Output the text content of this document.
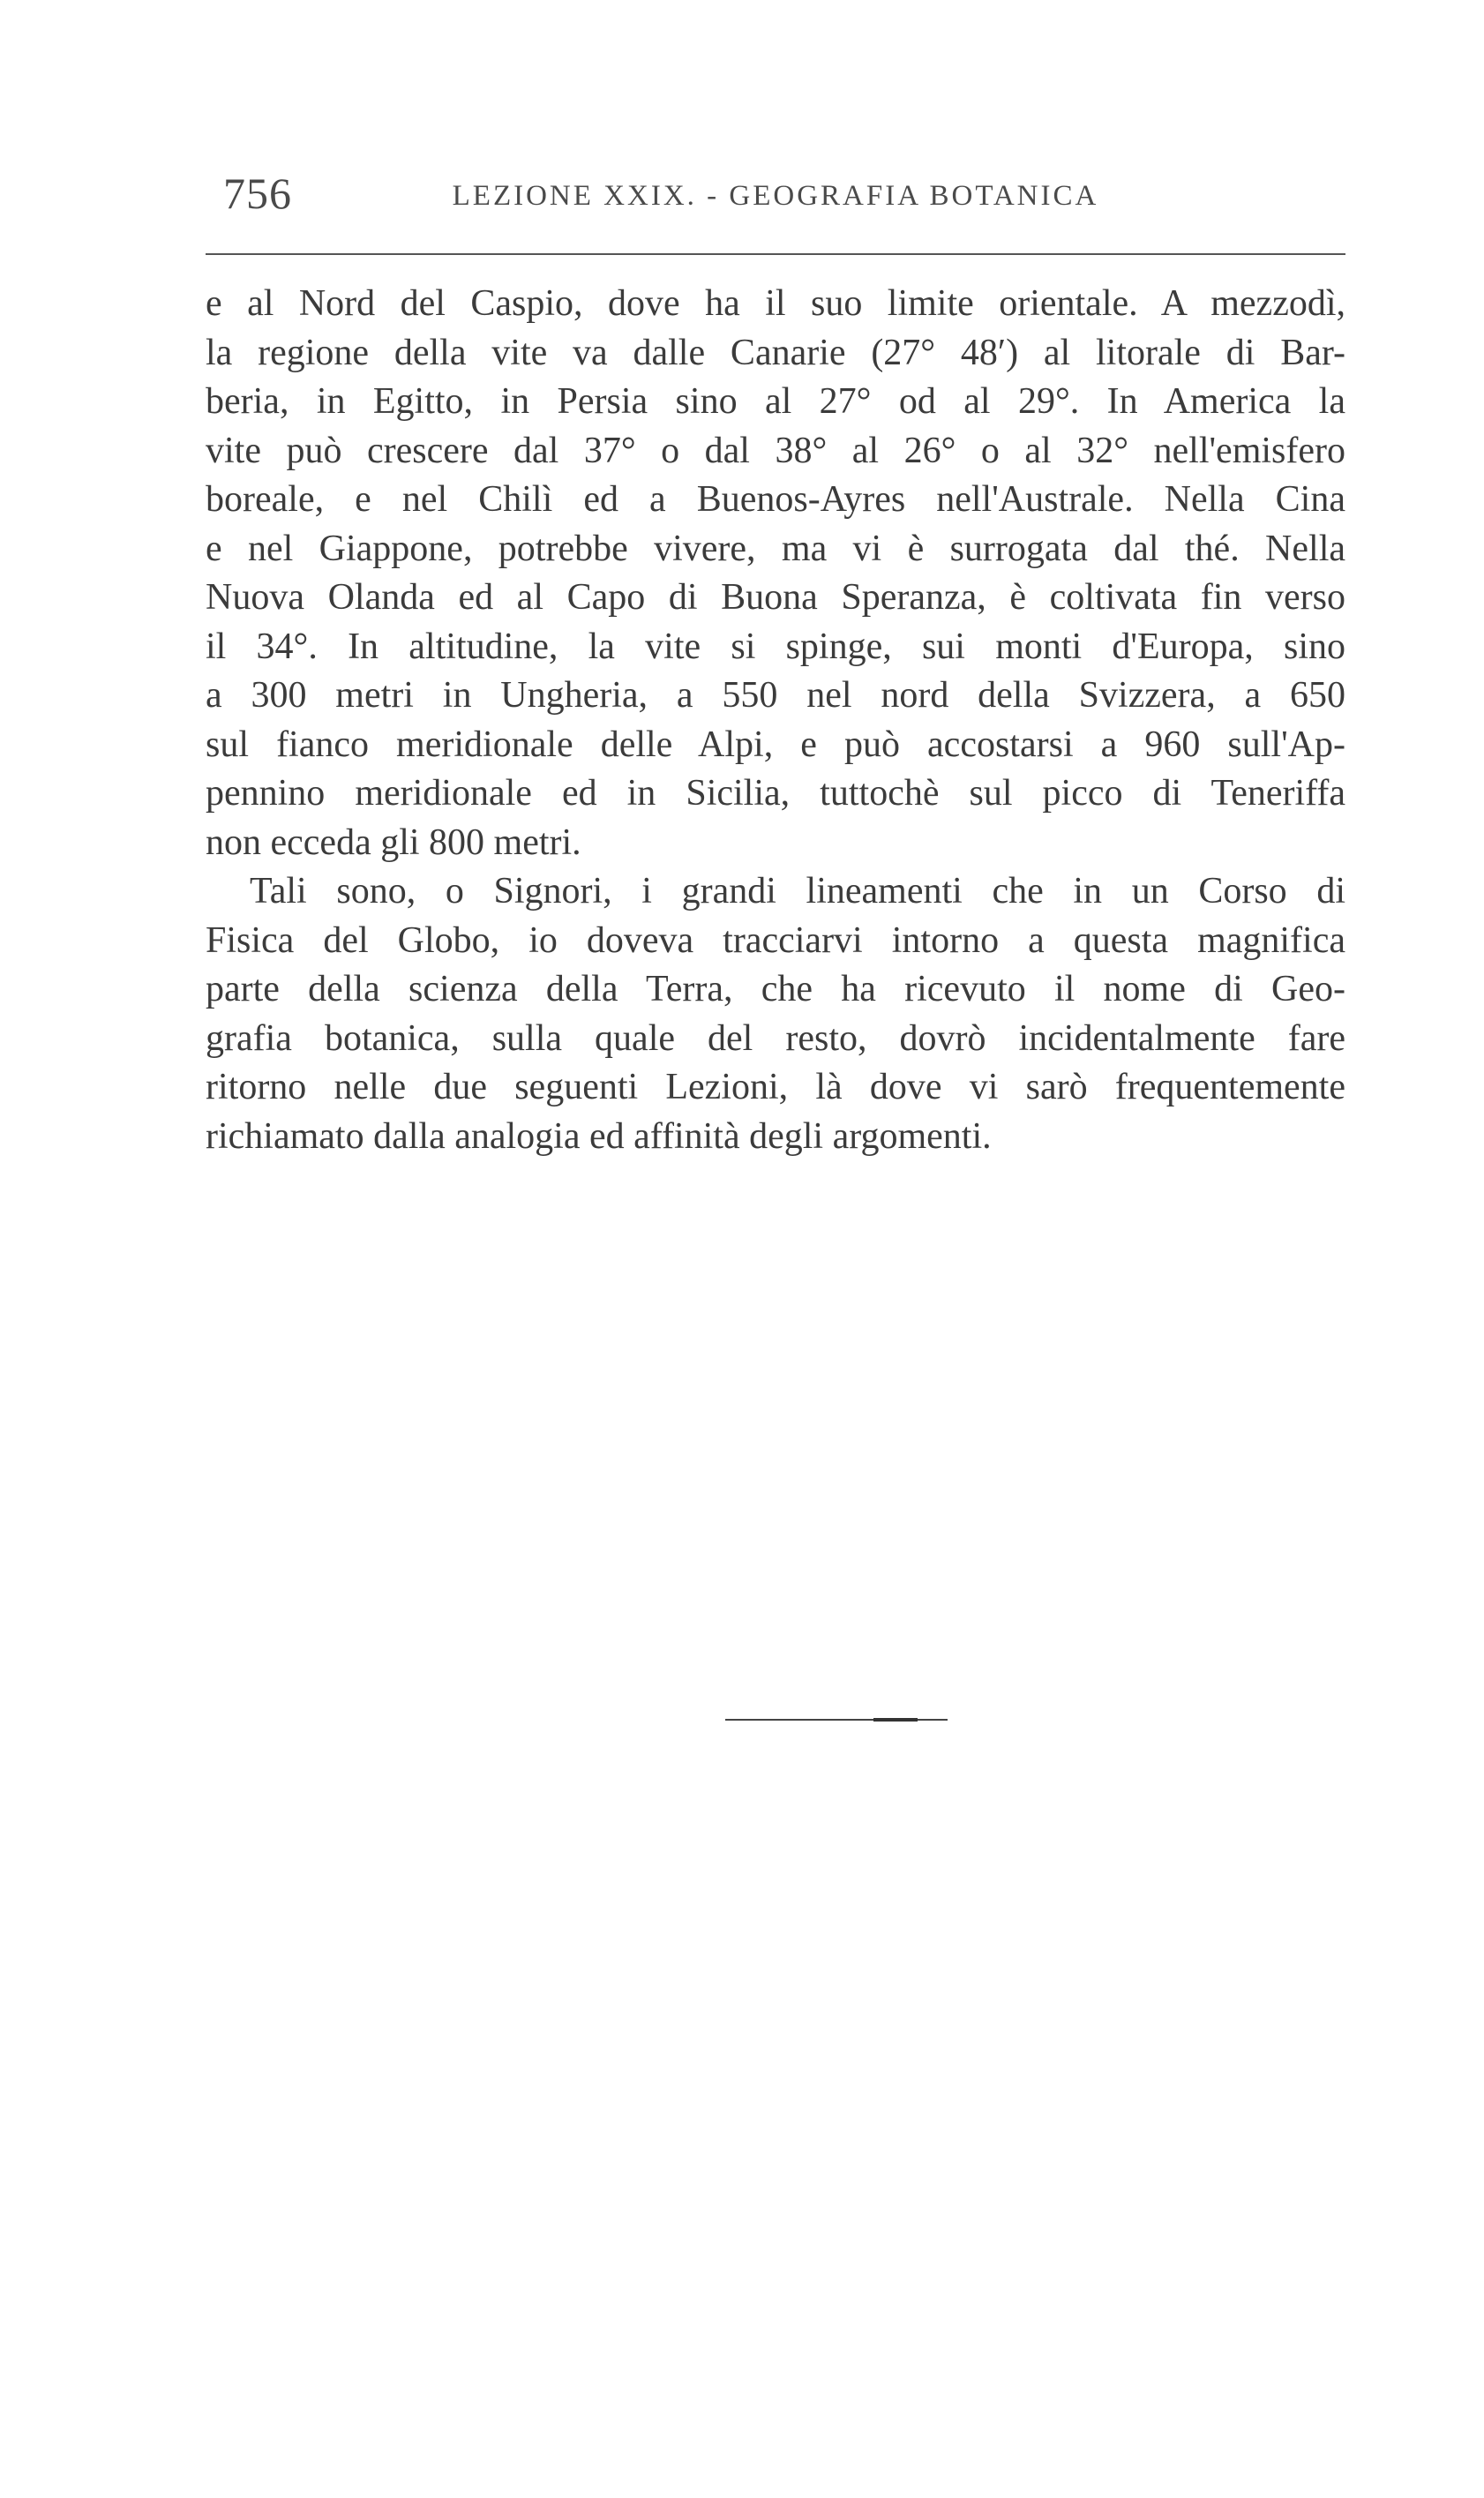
756	LEZIONE XXIX. - GEOGRAFIA BOTANICA
e al Nord del Caspio, dove ha il suo limite orientale. A mezzodì,
la regione della vite va dalle Canarie (27° 48′) al litorale di Bar-
beria, in Egitto, in Persia sino al 27° od al 29°. In America la
vite può crescere dal 37° o dal 38° al 26° o al 32° nell'emisfero
boreale, e nel Chilì ed a Buenos-Ayres nell'Australe. Nella Cina
e nel Giappone, potrebbe vivere, ma vi è surrogata dal thé. Nella
Nuova Olanda ed al Capo di Buona Speranza, è coltivata fin verso
il 34°. In altitudine, la vite si spinge, sui monti d'Europa, sino
a 300 metri in Ungheria, a 550 nel nord della Svizzera, a 650
sul fianco meridionale delle Alpi, e può accostarsi a 960 sull'Ap-
pennino meridionale ed in Sicilia, tuttochè sul picco di Teneriffa
non ecceda gli 800 metri.
Tali sono, o Signori, i grandi lineamenti che in un Corso di
Fisica del Globo, io doveva tracciarvi intorno a questa magnifica
parte della scienza della Terra, che ha ricevuto il nome di Geo-
grafia botanica, sulla quale del resto, dovrò incidentalmente fare
ritorno nelle due seguenti Lezioni, là dove vi sarò frequentemente
richiamato dalla analogia ed affinità degli argomenti.
